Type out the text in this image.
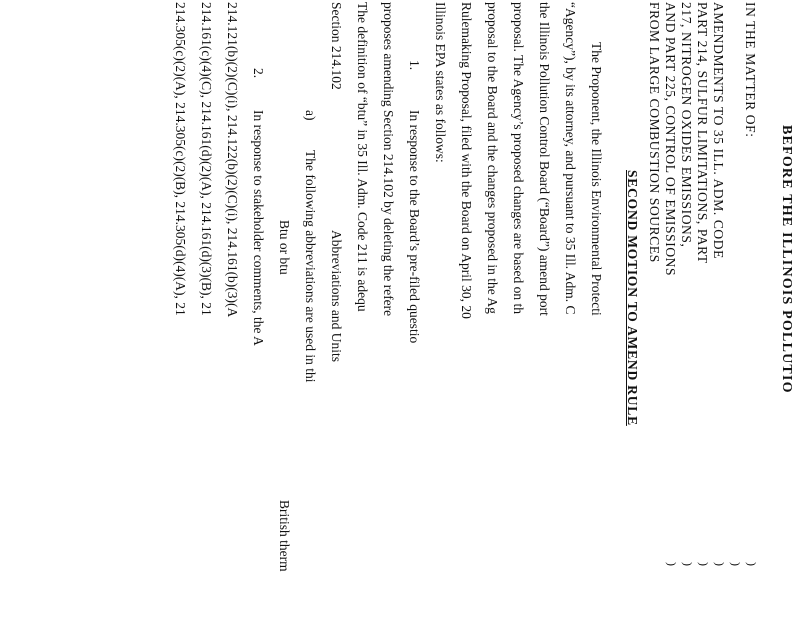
BEFORE THE ILLINOIS POLLUTIO
IN THE MATTER OF:
AMENDMENTS TO 35 ILL. ADM. CODE
PART 214, SULFUR LIMITATIONS, PART
217, NITROGEN OXIDES EMISSIONS,
AND PART 225, CONTROL OF EMISSIONS
FROM LARGE COMBUSTION SOURCES
)
)
)
)
)
)
SECOND MOTION TO AMEND RULE
The Proponent, the Illinois Environmental Protecti
“Agency”), by its attorney, and pursuant to 35 Ill. Adm. C
the Illinois Pollution Control Board (“Board”) amend port
proposal. The Agency’s proposed changes are based on th
proposal to the Board and the changes proposed in the Ag
Rulemaking Proposal, filed with the Board on April 30, 20
Illinois EPA states as follows:
1.
In response to the Board’s pre-filed questio
proposes amending Section 214.102 by deleting the refere
The definition of “btu” in 35 Ill. Adm. Code 211 is adequ
Section 214.102
Abbreviations and Units
a)
The following abbreviations are used in thi
Btu or btu
British therm
2.
In response to stakeholder comments, the A
214.121(b)(2)(C)(i), 214.122(b)(2)(C)(i), 214.161(b)(3)(A
214.161(c)(4)(C), 214.161(d)(2)(A), 214.161(d)(3)(B), 21
214.305(c)(2)(A), 214.305(c)(2)(B), 214.305(d)(4)(A), 21
